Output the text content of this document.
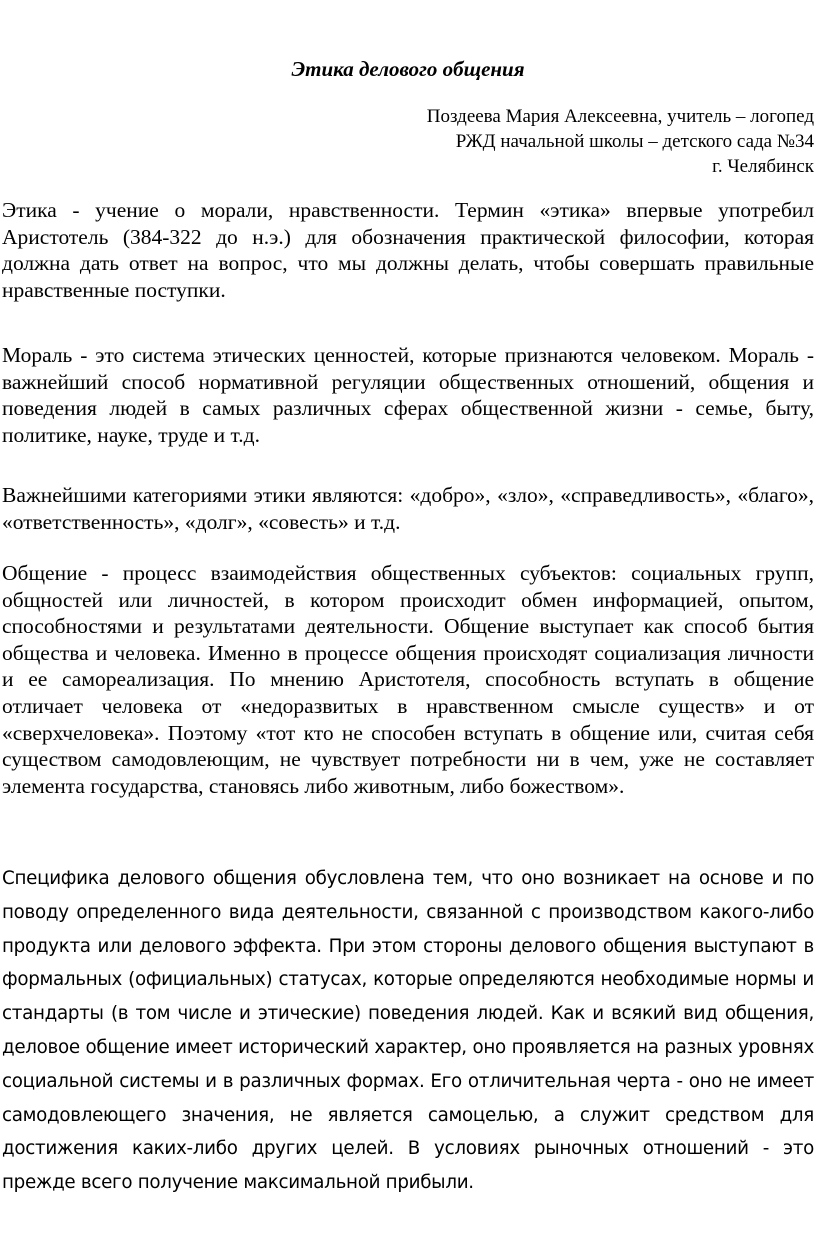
Этика делового общения
Поздеева Мария Алексеевна, учитель – логопед
РЖД начальной школы – детского сада №34
г. Челябинск

Этика - учение о морали, нравственности. Термин «этика» впервые употребил Аристотель (384-322 до н.э.) для обозначения практической философии, которая должна дать ответ на вопрос, что мы должны делать, чтобы совершать правильные нравственные поступки.

Мораль - это система этических ценностей, которые признаются человеком. Мораль - важнейший способ нормативной регуляции общественных отношений, общения и поведения людей в самых различных сферах общественной жизни - семье, быту, политике, науке, труде и т.д.

Важнейшими категориями этики являются: «добро», «зло», «справедливость», «благо», «ответственность», «долг», «совесть» и т.д.

Общение - процесс взаимодействия общественных субъектов: социальных групп, общностей или личностей, в котором происходит обмен информацией, опытом, способностями и результатами деятельности. Общение выступает как способ бытия общества и человека. Именно в процессе общения происходят социализация личности и ее самореализация. По мнению Аристотеля, способность вступать в общение отличает человека от «недоразвитых в нравственном смысле существ» и от «сверхчеловека». Поэтому «тот кто не способен вступать в общение или, считая себя существом самодовлеющим, не чувствует потребности ни в чем, уже не составляет элемента государства, становясь либо животным, либо божеством».

Специфика делового общения обусловлена тем, что оно возникает на основе и по поводу определенного вида деятельности, связанной с производством какого-либо продукта или делового эффекта. При этом стороны делового общения выступают в формальных (официальных) статусах, которые определяются необходимые нормы и стандарты (в том числе и этические) поведения людей. Как и всякий вид общения, деловое общение имеет исторический характер, оно проявляется на разных уровнях социальной системы и в различных формах. Его отличительная черта - оно не имеет самодовлеющего значения, не является самоцелью, а служит средством для достижения каких-либо других целей. В условиях рыночных отношений - это прежде всего получение максимальной прибыли.
